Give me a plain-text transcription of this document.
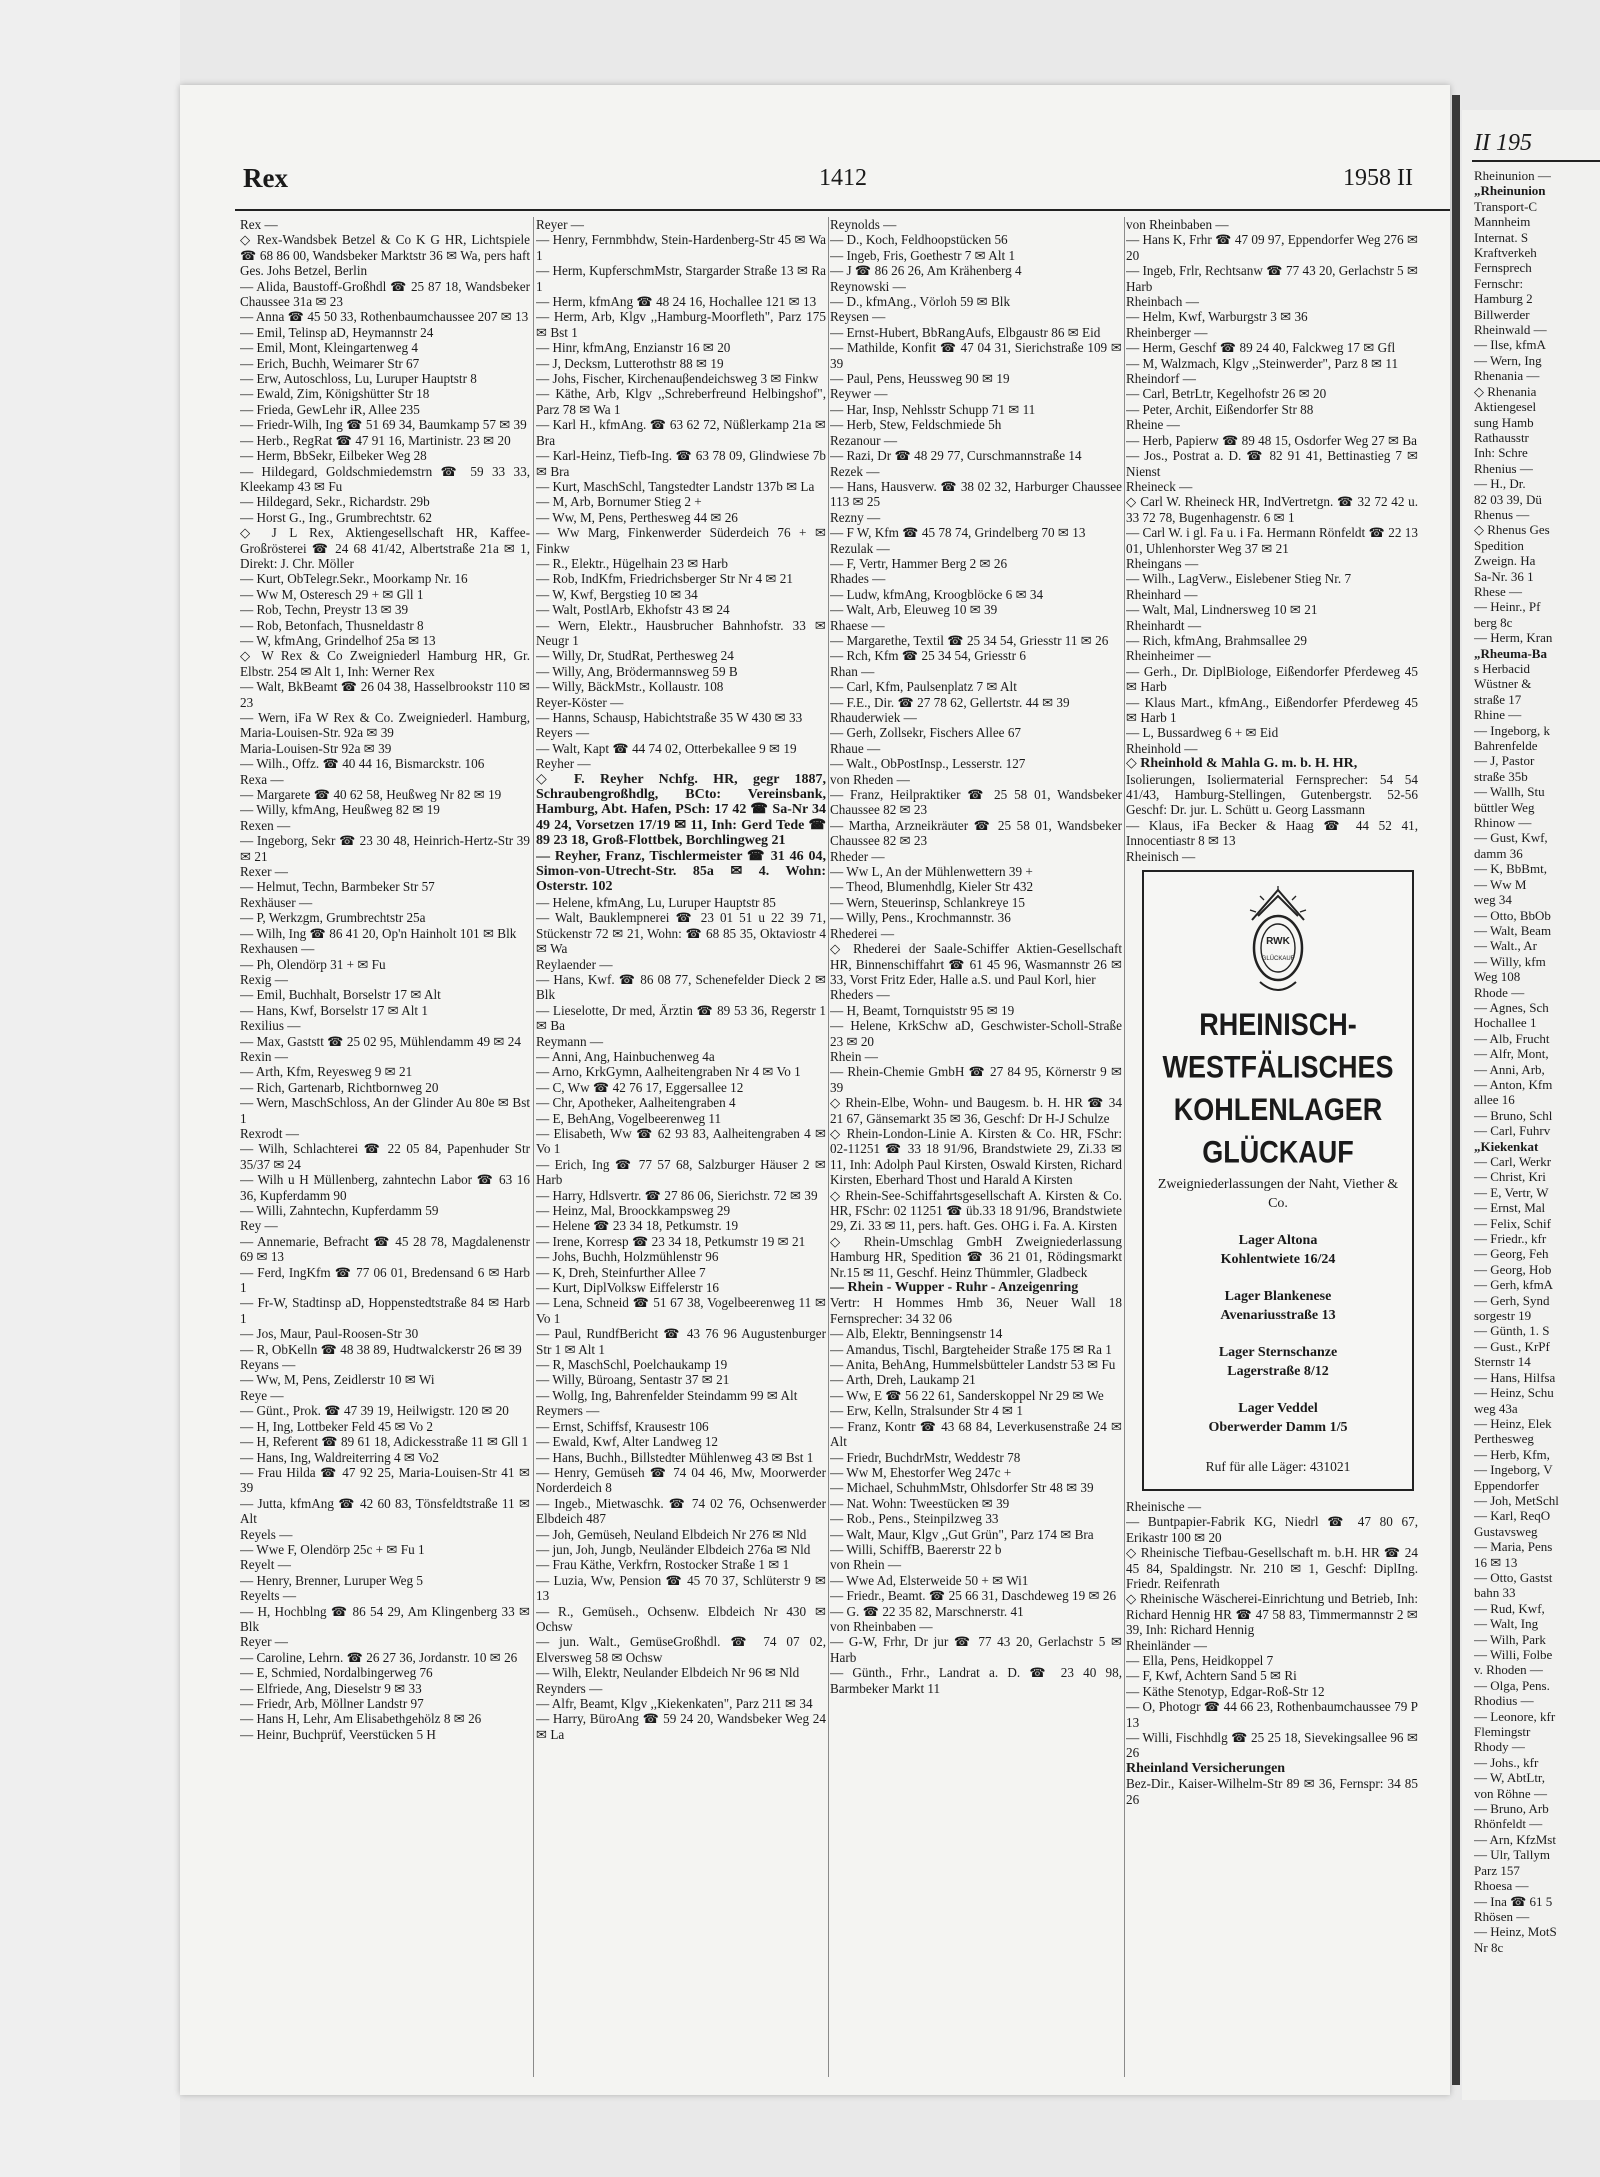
Rex	1412	1958 II

Rex —

◇ Rex-Wandsbek Betzel & Co K G HR, Lichtspiele ☎ 68 86 00, Wandsbeker Marktstr 36 ✉ Wa, pers haft Ges. Johs Betzel, Berlin

— Alida, Baustoff-Großhdl ☎ 25 87 18, Wandsbeker Chaussee 31a ✉ 23

— Anna ☎ 45 50 33, Rothenbaumchaussee 207 ✉ 13

— Emil, Telinsp aD, Heymannstr 24

— Emil, Mont, Kleingartenweg 4

— Erich, Buchh, Weimarer Str 67

— Erw, Autoschloss, Lu, Luruper Hauptstr 8

— Ewald, Zim, Königshütter Str 18

— Frieda, GewLehr iR, Allee 235

— Friedr-Wilh, Ing ☎ 51 69 34, Baumkamp 57 ✉ 39

— Herb., RegRat ☎ 47 91 16, Martinistr. 23 ✉ 20

— Herm, BbSekr, Eilbeker Weg 28

— Hildegard, Goldschmiedemstrn ☎ 59 33 33, Kleekamp 43 ✉ Fu

— Hildegard, Sekr., Richardstr. 29b

— Horst G., Ing., Grumbrechtstr. 62

◇ J L Rex, Aktiengesellschaft HR, Kaffee-Großrösterei ☎ 24 68 41/42, Albertstraße 21a ✉ 1, Direkt: J. Chr. Möller

— Kurt, ObTelegr.Sekr., Moorkamp Nr. 16

— Ww M, Osteresch 29 + ✉ Gll 1

— Rob, Techn, Preystr 13 ✉ 39

— Rob, Betonfach, Thusneldastr 8

— W, kfmAng, Grindelhof 25a ✉ 13

◇ W Rex & Co Zweigniederl Hamburg HR, Gr. Elbstr. 254 ✉ Alt 1, Inh: Werner Rex

— Walt, BkBeamt ☎ 26 04 38, Hasselbrookstr 110 ✉ 23

— Wern, iFa W Rex & Co. Zweigniederl. Hamburg, Maria-Louisen-Str. 92a ✉ 39

Maria-Louisen-Str 92a ✉ 39

— Wilh., Offz. ☎ 40 44 16, Bismarckstr. 106

Rexa —

— Margarete ☎ 40 62 58, Heußweg Nr 82 ✉ 19

— Willy, kfmAng, Heußweg 82 ✉ 19

Rexen —

— Ingeborg, Sekr ☎ 23 30 48, Heinrich-Hertz-Str 39 ✉ 21

Rexer —

— Helmut, Techn, Barmbeker Str 57

Rexhäuser —

— P, Werkzgm, Grumbrechtstr 25a

— Wilh, Ing ☎ 86 41 20, Op'n Hainholt 101 ✉ Blk

Rexhausen —

— Ph, Olendörp 31 + ✉ Fu

Rexig —

— Emil, Buchhalt, Borselstr 17 ✉ Alt

— Hans, Kwf, Borselstr 17 ✉ Alt 1

Rexilius —

— Max, Gaststt ☎ 25 02 95, Mühlendamm 49 ✉ 24

Rexin —

— Arth, Kfm, Reyesweg 9 ✉ 21

— Rich, Gartenarb, Richtbornweg 20

— Wern, MaschSchloss, An der Glinder Au 80e ✉ Bst 1

Rexrodt —

— Wilh, Schlachterei ☎ 22 05 84, Papenhuder Str 35/37 ✉ 24

— Wilh u H Müllenberg, zahntechn Labor ☎ 63 16 36, Kupferdamm 90

— Willi, Zahntechn, Kupferdamm 59

Rey —

— Annemarie, Befracht ☎ 45 28 78, Magdalenenstr 69 ✉ 13

— Ferd, IngKfm ☎ 77 06 01, Bredensand 6 ✉ Harb 1

— Fr-W, Stadtinsp aD, Hoppenstedtstraße 84 ✉ Harb 1

— Jos, Maur, Paul-Roosen-Str 30

— R, ObKelln ☎ 48 38 89, Hudtwalckerstr 26 ✉ 39

Reyans —

— Ww, M, Pens, Zeidlerstr 10 ✉ Wi

Reye —

— Günt., Prok. ☎ 47 39 19, Heilwigstr. 120 ✉ 20

— H, Ing, Lottbeker Feld 45 ✉ Vo 2

— H, Referent ☎ 89 61 18, Adickesstraße 11 ✉ Gll 1

— Hans, Ing, Waldreiterring 4 ✉ Vo2

— Frau Hilda ☎ 47 92 25, Maria-Louisen-Str 41 ✉ 39

— Jutta, kfmAng ☎ 42 60 83, Tönsfeldtstraße 11 ✉ Alt

Reyels —

— Wwe F, Olendörp 25c + ✉ Fu 1

Reyelt —

— Henry, Brenner, Luruper Weg 5

Reyelts —

— H, Hochblng ☎ 86 54 29, Am Klingenberg 33 ✉ Blk

Reyer —

— Caroline, Lehrn. ☎ 26 27 36, Jordanstr. 10 ✉ 26

— E, Schmied, Nordalbingerweg 76

— Elfriede, Ang, Dieselstr 9 ✉ 33

— Friedr, Arb, Möllner Landstr 97

— Hans H, Lehr, Am Elisabethgehölz 8 ✉ 26

— Heinr, Buchprüf, Veerstücken 5 H

Reyer —

— Henry, Fernmbhdw, Stein-Hardenberg-Str 45 ✉ Wa 1

— Herm, KupferschmMstr, Stargarder Straße 13 ✉ Ra 1

— Herm, kfmAng ☎ 48 24 16, Hochallee 121 ✉ 13

— Herm, Arb, Klgv ,,Hamburg-Moorfleth", Parz 175 ✉ Bst 1

— Hinr, kfmAng, Enzianstr 16 ✉ 20

— J, Decksm, Lutterothstr 88 ✉ 19

— Johs, Fischer, Kirchenauβendeichsweg 3 ✉ Finkw

— Käthe, Arb, Klgv ,,Schreberfreund Helbingshof", Parz 78 ✉ Wa 1

— Karl H., kfmAng. ☎ 63 62 72, Nüßlerkamp 21a ✉ Bra

— Karl-Heinz, Tiefb-Ing. ☎ 63 78 09, Glindwiese 7b ✉ Bra

— Kurt, MaschSchl, Tangstedter Landstr 137b ✉ La

— M, Arb, Bornumer Stieg 2 +

— Ww, M, Pens, Perthesweg 44 ✉ 26

— Ww Marg, Finkenwerder Süderdeich 76 + ✉ Finkw

— R., Elektr., Hügelhain 23 ✉ Harb

— Rob, IndKfm, Friedrichsberger Str Nr 4 ✉ 21

— W, Kwf, Bergstieg 10 ✉ 34

— Walt, PostlArb, Ekhofstr 43 ✉ 24

— Wern, Elektr., Hausbrucher Bahnhofstr. 33 ✉ Neugr 1

— Willy, Dr, StudRat, Perthesweg 24

— Willy, Ang, Brödermannsweg 59 B

— Willy, BäckMstr., Kollaustr. 108

Reyer-Köster —

— Hanns, Schausp, Habichtstraße 35 W 430 ✉ 33

Reyers —

— Walt, Kapt ☎ 44 74 02, Otterbekallee 9 ✉ 19

Reyher —

◇ F. Reyher Nchfg. HR, gegr 1887, Schraubengroßhdlg, BCto: Vereinsbank, Hamburg, Abt. Hafen, PSch: 17 42 ☎ Sa-Nr 34 49 24, Vorsetzen 17/19 ✉ 11, Inh: Gerd Tede ☎ 89 23 18, Groß-Flottbek, Borchlingweg 21

— Reyher, Franz, Tischlermeister ☎ 31 46 04, Simon-von-Utrecht-Str. 85a ✉ 4. Wohn: Osterstr. 102

— Helene, kfmAng, Lu, Luruper Hauptstr 85

— Walt, Bauklempnerei ☎ 23 01 51 u 22 39 71, Stückenstr 72 ✉ 21, Wohn: ☎ 68 85 35, Oktaviostr 4 ✉ Wa

Reylaender —

— Hans, Kwf. ☎ 86 08 77, Schenefelder Dieck 2 ✉ Blk

— Lieselotte, Dr med, Ärztin ☎ 89 53 36, Regerstr 1 ✉ Ba

Reymann —

— Anni, Ang, Hainbuchenweg 4a

— Arno, KrkGymn, Aalheitengraben Nr 4 ✉ Vo 1

— C, Ww ☎ 42 76 17, Eggersallee 12

— Chr, Apotheker, Aalheitengraben 4

— E, BehAng, Vogelbeerenweg 11

— Elisabeth, Ww ☎ 62 93 83, Aalheitengraben 4 ✉ Vo 1

— Erich, Ing ☎ 77 57 68, Salzburger Häuser 2 ✉ Harb

— Harry, Hdlsvertr. ☎ 27 86 06, Sierichstr. 72 ✉ 39

— Heinz, Mal, Broockkampsweg 29

— Helene ☎ 23 34 18, Petkumstr. 19

— Irene, Korresp ☎ 23 34 18, Petkumstr 19 ✉ 21

— Johs, Buchh, Holzmühlenstr 96

— K, Dreh, Steinfurther Allee 7

— Kurt, DiplVolksw Eiffelerstr 16

— Lena, Schneid ☎ 51 67 38, Vogelbeerenweg 11 ✉ Vo 1

— Paul, RundfBericht ☎ 43 76 96 Augustenburger Str 1 ✉ Alt 1

— R, MaschSchl, Poelchaukamp 19

— Willy, Büroang, Sentastr 37 ✉ 21

— Wollg, Ing, Bahrenfelder Steindamm 99 ✉ Alt

Reymers —

— Ernst, Schiffsf, Krausestr 106

— Ewald, Kwf, Alter Landweg 12

— Hans, Buchh., Billstedter Mühlenweg 43 ✉ Bst 1

— Henry, Gemüseh ☎ 74 04 46, Mw, Moorwerder Norderdeich 8

— Ingeb., Mietwaschk. ☎ 74 02 76, Ochsenwerder Elbdeich 487

— Joh, Gemüseh, Neuland Elbdeich Nr 276 ✉ Nld

— jun, Joh, Jungb, Neuländer Elbdeich 276a ✉ Nld

— Frau Käthe, Verkfrn, Rostocker Straße 1 ✉ 1

— Luzia, Ww, Pension ☎ 45 70 37, Schlüterstr 9 ✉ 13

— R., Gemüseh., Ochsenw. Elbdeich Nr 430 ✉ Ochsw

— jun. Walt., GemüseGroßhdl. ☎ 74 07 02, Elversweg 58 ✉ Ochsw

— Wilh, Elektr, Neulander Elbdeich Nr 96 ✉ Nld

Reynders —

— Alfr, Beamt, Klgv ,,Kiekenkaten", Parz 211 ✉ 34

— Harry, BüroAng ☎ 59 24 20, Wandsbeker Weg 24 ✉ La

Reynolds —

— D., Koch, Feldhoopstücken 56

— Ingeb, Fris, Goethestr 7 ✉ Alt 1

— J ☎ 86 26 26, Am Krähenberg 4

Reynowski —

— D., kfmAng., Vörloh 59 ✉ Blk

Reysen —

— Ernst-Hubert, BbRangAufs, Elbgaustr 86 ✉ Eid

— Mathilde, Konfit ☎ 47 04 31, Sierichstraße 109 ✉ 39

— Paul, Pens, Heussweg 90 ✉ 19

Reywer —

— Har, Insp, Nehlsstr Schupp 71 ✉ 11

— Herb, Stew, Feldschmiede 5h

Rezanour —

— Razi, Dr ☎ 48 29 77, Curschmannstraße 14

Rezek —

— Hans, Hausverw. ☎ 38 02 32, Harburger Chaussee 113 ✉ 25

Rezny —

— F W, Kfm ☎ 45 78 74, Grindelberg 70 ✉ 13

Rezulak —

— F, Vertr, Hammer Berg 2 ✉ 26

Rhades —

— Ludw, kfmAng, Kroogblöcke 6 ✉ 34

— Walt, Arb, Eleuweg 10 ✉ 39

Rhaese —

— Margarethe, Textil ☎ 25 34 54, Griesstr 11 ✉ 26

— Rch, Kfm ☎ 25 34 54, Griesstr 6

Rhan —

— Carl, Kfm, Paulsenplatz 7 ✉ Alt

— F.E., Dir. ☎ 27 78 62, Gellertstr. 44 ✉ 39

Rhauderwiek —

— Gerh, Zollsekr, Fischers Allee 67

Rhaue —

— Walt., ObPostInsp., Lesserstr. 127

von Rheden —

— Franz, Heilpraktiker ☎ 25 58 01, Wandsbeker Chaussee 82 ✉ 23

— Martha, Arzneikräuter ☎ 25 58 01, Wandsbeker Chaussee 82 ✉ 23

Rheder —

— Ww L, An der Mühlenwettern 39 +

— Theod, Blumenhdlg, Kieler Str 432

— Wern, Steuerinsp, Schlankreye 15

— Willy, Pens., Krochmannstr. 36

Rhederei —

◇ Rhederei der Saale-Schiffer Aktien-Gesellschaft HR, Binnenschiffahrt ☎ 61 45 96, Wasmannstr 26 ✉ 33, Vorst Fritz Eder, Halle a.S. und Paul Korl, hier

Rheders —

— H, Beamt, Tornquiststr 95 ✉ 19

— Helene, KrkSchw aD, Geschwister-Scholl-Straße 23 ✉ 20

Rhein —

— Rhein-Chemie GmbH ☎ 27 84 95, Körnerstr 9 ✉ 39

◇ Rhein-Elbe, Wohn- und Baugesm. b. H. HR ☎ 34 21 67, Gänsemarkt 35 ✉ 36, Geschf: Dr H-J Schulze

◇ Rhein-London-Linie A. Kirsten & Co. HR, FSchr: 02-11251 ☎ 33 18 91/96, Brandstwiete 29, Zi.33 ✉ 11, Inh: Adolph Paul Kirsten, Oswald Kirsten, Richard Kirsten, Eberhard Thost und Harald A Kirsten

◇ Rhein-See-Schiffahrtsgesellschaft A. Kirsten & Co. HR, FSchr: 02 11251 ☎ üb.33 18 91/96, Brandstwiete 29, Zi. 33 ✉ 11, pers. haft. Ges. OHG i. Fa. A. Kirsten

◇ Rhein-Umschlag GmbH Zweigniederlassung Hamburg HR, Spedition ☎ 36 21 01, Rödingsmarkt Nr.15 ✉ 11, Geschf. Heinz Thümmler, Gladbeck

— Rhein - Wupper - Ruhr - Anzeigenring

Vertr: H Hommes Hmb 36, Neuer Wall 18 Fernsprecher: 34 32 06

— Alb, Elektr, Benningsenstr 14

— Amandus, Tischl, Bargteheider Straße 175 ✉ Ra 1

— Anita, BehAng, Hummelsbütteler Landstr 53 ✉ Fu

— Arth, Dreh, Laukamp 21

— Ww, E ☎ 56 22 61, Sanderskoppel Nr 29 ✉ We

— Erw, Kelln, Stralsunder Str 4 ✉ 1

— Franz, Kontr ☎ 43 68 84, Leverkusenstraße 24 ✉ Alt

— Friedr, BuchdrMstr, Weddestr 78

— Ww M, Ehestorfer Weg 247c +

— Michael, SchuhmMstr, Ohlsdorfer Str 48 ✉ 39

— Nat. Wohn: Tweestücken ✉ 39

— Rob., Pens., Steinpilzweg 33

— Walt, Maur, Klgv ,,Gut Grün", Parz 174 ✉ Bra

— Willi, SchiffB, Baererstr 22 b

von Rhein —

— Wwe Ad, Elsterweide 50 + ✉ Wi1

— Friedr., Beamt. ☎ 25 66 31, Daschdeweg 19 ✉ 26

— G. ☎ 22 35 82, Marschnerstr. 41

von Rheinbaben —

— G-W, Frhr, Dr jur ☎ 77 43 20, Gerlachstr 5 ✉ Harb

— Günth., Frhr., Landrat a. D. ☎ 23 40 98, Barmbeker Markt 11

von Rheinbaben —

— Hans K, Frhr ☎ 47 09 97, Eppendorfer Weg 276 ✉ 20

— Ingeb, Frlr, Rechtsanw ☎ 77 43 20, Gerlachstr 5 ✉ Harb

Rheinbach —

— Helm, Kwf, Warburgstr 3 ✉ 36

Rheinberger —

— Herm, Geschf ☎ 89 24 40, Falckweg 17 ✉ Gfl

— M, Walzmach, Klgv ,,Steinwerder", Parz 8 ✉ 11

Rheindorf —

— Carl, BetrLtr, Kegelhofstr 26 ✉ 20

— Peter, Archit, Eißendorfer Str 88

Rheine —

— Herb, Papierw ☎ 89 48 15, Osdorfer Weg 27 ✉ Ba

— Jos., Postrat a. D. ☎ 82 91 41, Bettinastieg 7 ✉ Nienst

Rheineck —

◇ Carl W. Rheineck HR, IndVertretgn. ☎ 32 72 42 u. 33 72 78, Bugenhagenstr. 6 ✉ 1

— Carl W. i gl. Fa u. i Fa. Hermann Rönfeldt ☎ 22 13 01, Uhlenhorster Weg 37 ✉ 21

Rheingans —

— Wilh., LagVerw., Eislebener Stieg Nr. 7

Rheinhard —

— Walt, Mal, Lindnersweg 10 ✉ 21

Rheinhardt —

— Rich, kfmAng, Brahmsallee 29

Rheinheimer —

— Gerh., Dr. DiplBiologe, Eißendorfer Pferdeweg 45 ✉ Harb

— Klaus Mart., kfmAng., Eißendorfer Pferdeweg 45 ✉ Harb 1

— L, Bussardweg 6 + ✉ Eid

Rheinhold —

◇ Rheinhold & Mahla G. m. b. H. HR,

Isolierungen, Isoliermaterial Fernsprecher: 54 54 41/43, Hamburg-Stellingen, Gutenbergstr. 52-56 Geschf: Dr. jur. L. Schütt u. Georg Lassmann

— Klaus, iFa Becker & Haag ☎ 44 52 41, Innocentiastr 8 ✉ 13

Rheinisch —

RWK
GLÜCKAUF
RHEINISCH-
WESTFÄLISCHES
KOHLENLAGER
GLÜCKAUF
Zweigniederlassungen der Naht, Viether & Co.
Lager Altona
Kohlentwiete 16/24
Lager Blankenese
Avenariusstraße 13
Lager Sternschanze
Lagerstraße 8/12
Lager Veddel
Oberwerder Damm 1/5
Ruf für alle Läger: 431021

Rheinische —

— Buntpapier-Fabrik KG, Niedrl ☎ 47 80 67, Erikastr 100 ✉ 20

◇ Rheinische Tiefbau-Gesellschaft m. b.H. HR ☎ 24 45 84, Spaldingstr. Nr. 210 ✉ 1, Geschf: DiplIng. Friedr. Reifenrath

◇ Rheinische Wäscherei-Einrichtung und Betrieb, Inh: Richard Hennig HR ☎ 47 58 83, Timmermannstr 2 ✉ 39, Inh: Richard Hennig

Rheinländer —

— Ella, Pens, Heidkoppel 7

— F, Kwf, Achtern Sand 5 ✉ Ri

— Käthe Stenotyp, Edgar-Roß-Str 12

— O, Photogr ☎ 44 66 23, Rothenbaumchaussee 79 P 13

— Willi, Fischhdlg ☎ 25 25 18, Sievekingsallee 96 ✉ 26

Rheinland Versicherungen

Bez-Dir., Kaiser-Wilhelm-Str 89 ✉ 36, Fernspr: 34 85 26

II 195

Rheinunion —

„Rheinunion

Transport-C

Mannheim

Internat. S

Kraftverkeh

Fernsprech

Fernschr:

Hamburg 2

Billwerder

Rheinwald —

— Ilse, kfmA

— Wern, Ing

Rhenania —

◇ Rhenania

Aktiengesel

sung Hamb

Rathausstr

Inh: Schre

Rhenius —

— H., Dr.

82 03 39, Dü

Rhenus —

◇ Rhenus Ges

Spedition

Zweign. Ha

Sa-Nr. 36 1

Rhese —

— Heinr., Pf

berg 8c

— Herm, Kran

„Rheuma-Ba

s Herbacid

Wüstner &

straße 17

Rhine —

— Ingeborg, k

Bahrenfelde

— J, Pastor

straße 35b

— Wallh, Stu

büttler Weg

Rhinow —

— Gust, Kwf,

damm 36

— K, BbBmt,

— Ww M

weg 34

— Otto, BbOb

— Walt, Beam

— Walt., Ar

— Willy, kfm

Weg 108

Rhode —

— Agnes, Sch

Hochallee 1

— Alb, Frucht

— Alfr, Mont,

— Anni, Arb,

— Anton, Kfm

allee 16

— Bruno, Schl

— Carl, Fuhrv

„Kiekenkat

— Carl, Werkr

— Christ, Kri

— E, Vertr, W

— Ernst, Mal

— Felix, Schif

— Friedr., kfr

— Georg, Feh

— Georg, Hob

— Gerh, kfmA

— Gerh, Synd

sorgestr 19

— Günth, 1. S

— Gust., KrPf

Sternstr 14

— Hans, Hilfsa

— Heinz, Schu

weg 43a

— Heinz, Elek

Perthesweg

— Herb, Kfm,

— Ingeborg, V

Eppendorfer

— Joh, MetSchl

— Karl, ReqO

Gustavsweg

— Maria, Pens

16 ✉ 13

— Otto, Gastst

bahn 33

— Rud, Kwf,

— Walt, Ing

— Wilh, Park

— Willi, Folbe

v. Rhoden —

— Olga, Pens.

Rhodius —

— Leonore, kfr

Flemingstr

Rhody —

— Johs., kfr

— W, AbtLtr,

von Röhne —

— Bruno, Arb

Rhönfeldt —

— Arn, KfzMst

— Ulr, Tallym

Parz 157

Rhoesa —

— Ina ☎ 61 5

Rhösen —

— Heinz, MotS

Nr 8c
